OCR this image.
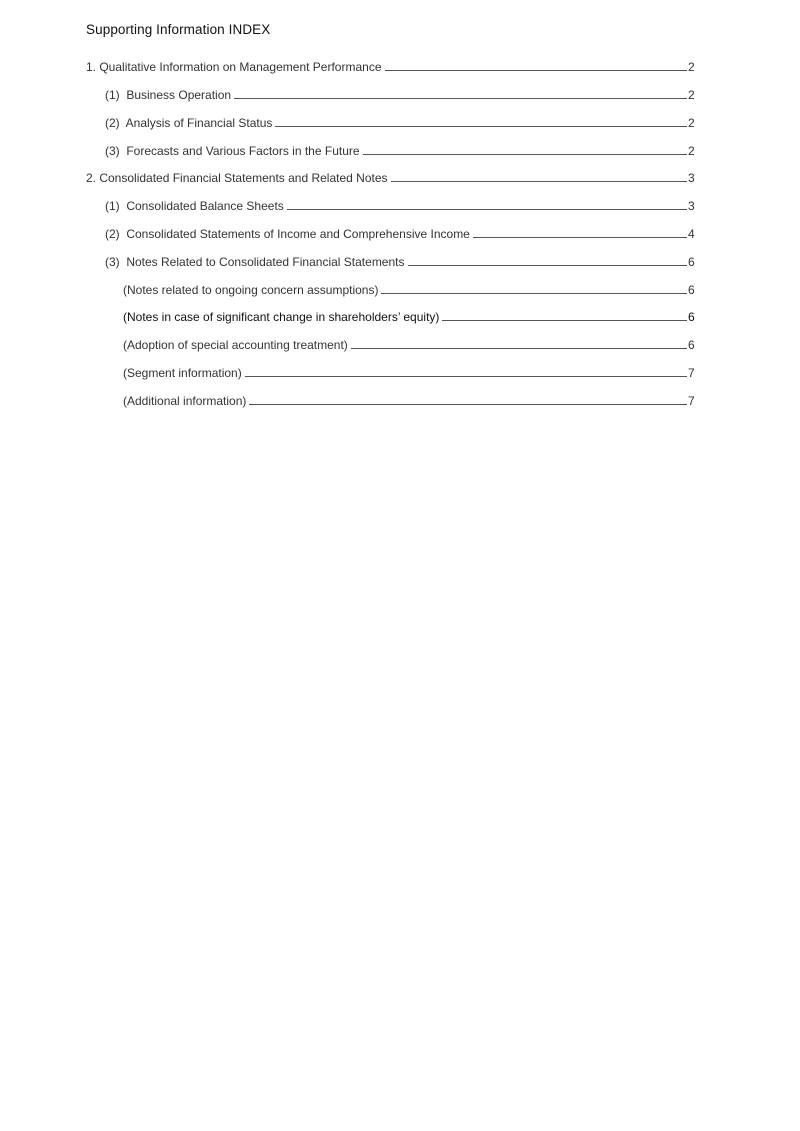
Supporting Information INDEX
1. Qualitative Information on Management Performance	2
(1)  Business Operation	2
(2)  Analysis of Financial Status	2
(3)  Forecasts and Various Factors in the Future	2
2. Consolidated Financial Statements and Related Notes	3
(1)  Consolidated Balance Sheets	3
(2)  Consolidated Statements of Income and Comprehensive Income	4
(3)  Notes Related to Consolidated Financial Statements	6
(Notes related to ongoing concern assumptions)	6
(Notes in case of significant change in shareholders’ equity)	6
(Adoption of special accounting treatment)	6
(Segment information)	7
(Additional information)	7
